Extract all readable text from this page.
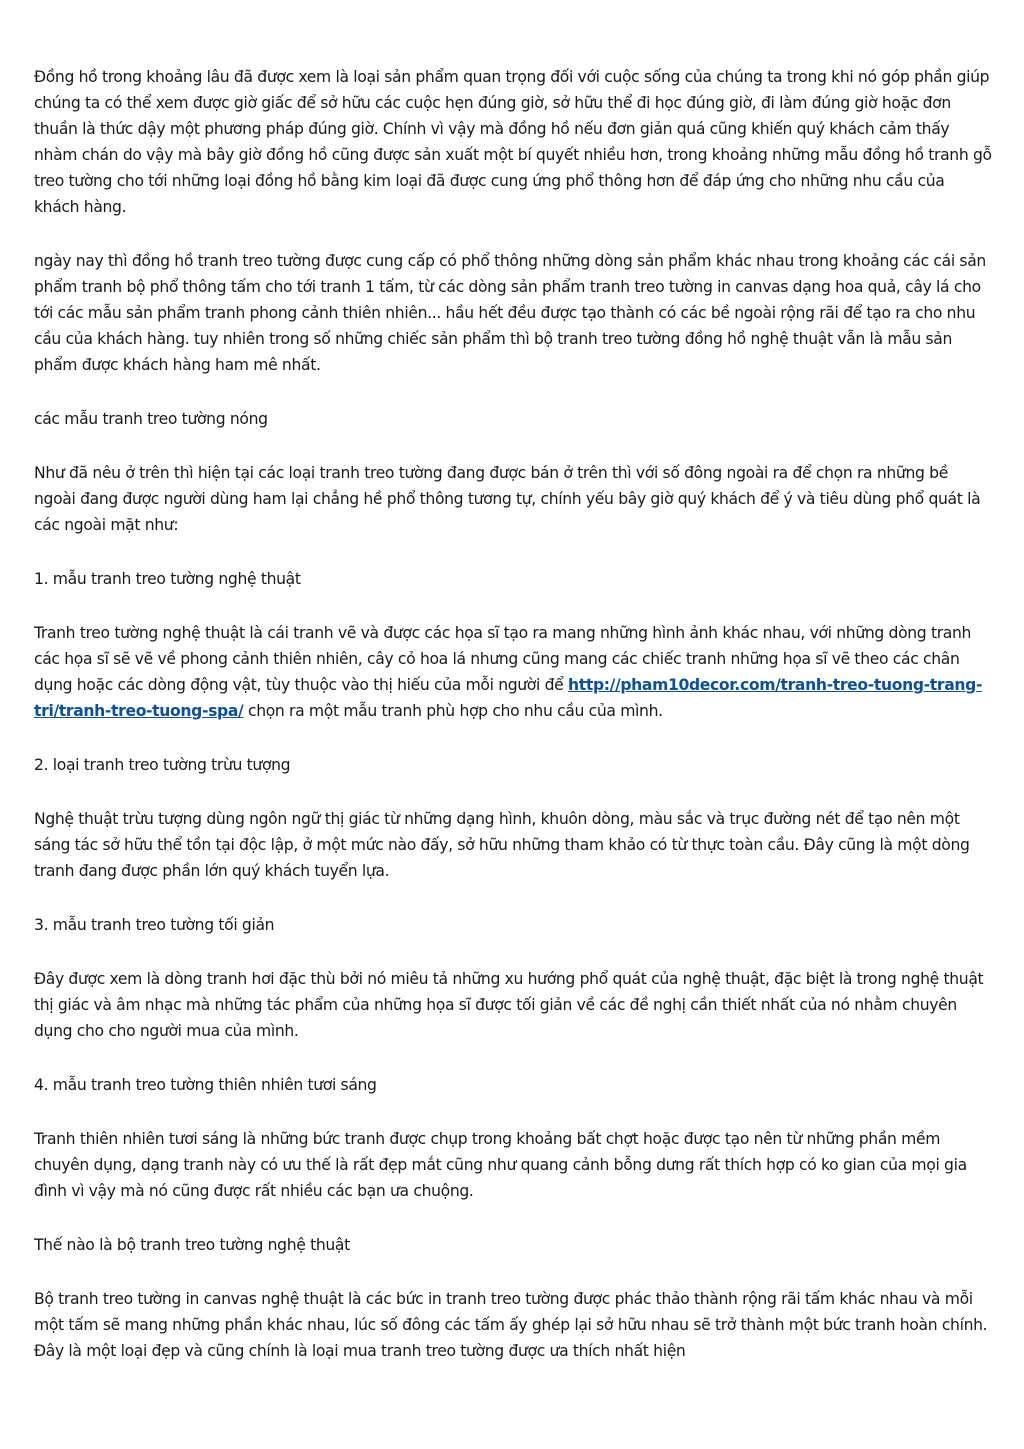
Đồng hồ trong khoảng lâu đã được xem là loại sản phẩm quan trọng đối với cuộc sống của chúng ta trong khi nó góp phần giúp chúng ta có thể xem được giờ giấc để sở hữu các cuộc hẹn đúng giờ, sở hữu thể đi học đúng giờ, đi làm đúng giờ hoặc đơn thuần là thức dậy một phương pháp đúng giờ. Chính vì vậy mà đồng hồ nếu đơn giản quá cũng khiến quý khách cảm thấy nhàm chán do vậy mà bây giờ đồng hồ cũng được sản xuất một bí quyết nhiều hơn, trong khoảng những mẫu đồng hồ tranh gỗ treo tường cho tới những loại đồng hồ bằng kim loại đã được cung ứng phổ thông hơn để đáp ứng cho những nhu cầu của khách hàng.

ngày nay thì đồng hồ tranh treo tường được cung cấp có phổ thông những dòng sản phẩm khác nhau trong khoảng các cái sản phẩm tranh bộ phổ thông tấm cho tới tranh 1 tấm, từ các dòng sản phẩm tranh treo tường in canvas dạng hoa quả, cây lá cho tới các mẫu sản phẩm tranh phong cảnh thiên nhiên... hầu hết đều được tạo thành có các bề ngoài rộng rãi để tạo ra cho nhu cầu của khách hàng. tuy nhiên trong số những chiếc sản phẩm thì bộ tranh treo tường đồng hồ nghệ thuật vẫn là mẫu sản phẩm được khách hàng ham mê nhất.

các mẫu tranh treo tường nóng

Như đã nêu ở trên thì hiện tại các loại tranh treo tường đang được bán ở trên thì với số đông ngoài ra để chọn ra những bề ngoài đang được người dùng ham lại chẳng hề phổ thông tương tự, chính yếu bây giờ quý khách để ý và tiêu dùng phổ quát là các ngoài mặt như:

1. mẫu tranh treo tường nghệ thuật

Tranh treo tường nghệ thuật là cái tranh vẽ và được các họa sĩ tạo ra mang những hình ảnh khác nhau, với những dòng tranh các họa sĩ sẽ vẽ về phong cảnh thiên nhiên, cây cỏ hoa lá nhưng cũng mang các chiếc tranh những họa sĩ vẽ theo các chân dụng hoặc các dòng động vật, tùy thuộc vào thị hiếu của mỗi người để http://pham10decor.com/tranh-treo-tuong-trang-tri/tranh-treo-tuong-spa/ chọn ra một mẫu tranh phù hợp cho nhu cầu của mình.

2. loại tranh treo tường trừu tượng

Nghệ thuật trừu tượng dùng ngôn ngữ thị giác từ những dạng hình, khuôn dòng, màu sắc và trục đường nét để tạo nên một sáng tác sở hữu thể tồn tại độc lập, ở một mức nào đấy, sở hữu những tham khảo có từ thực toàn cầu. Đây cũng là một dòng tranh đang được phần lớn quý khách tuyển lựa.

3. mẫu tranh treo tường tối giản

Đây được xem là dòng tranh hơi đặc thù bởi nó miêu tả những xu hướng phổ quát của nghệ thuật, đặc biệt là trong nghệ thuật thị giác và âm nhạc mà những tác phẩm của những họa sĩ được tối giản về các đề nghị cần thiết nhất của nó nhằm chuyên dụng cho cho người mua của mình.

4. mẫu tranh treo tường thiên nhiên tươi sáng

Tranh thiên nhiên tươi sáng là những bức tranh được chụp trong khoảng bất chợt hoặc được tạo nên từ những phần mềm chuyên dụng, dạng tranh này có ưu thế là rất đẹp mắt cũng như quang cảnh bỗng dưng rất thích hợp có ko gian của mọi gia đình vì vậy mà nó cũng được rất nhiều các bạn ưa chuộng.

Thế nào là bộ tranh treo tường nghệ thuật

Bộ tranh treo tường in canvas nghệ thuật là các bức in tranh treo tường được phác thảo thành rộng rãi tấm khác nhau và mỗi một tấm sẽ mang những phần khác nhau, lúc số đông các tấm ấy ghép lại sở hữu nhau sẽ trở thành một bức tranh hoàn chính. Đây là một loại đẹp và cũng chính là loại mua tranh treo tường được ưa thích nhất hiện
